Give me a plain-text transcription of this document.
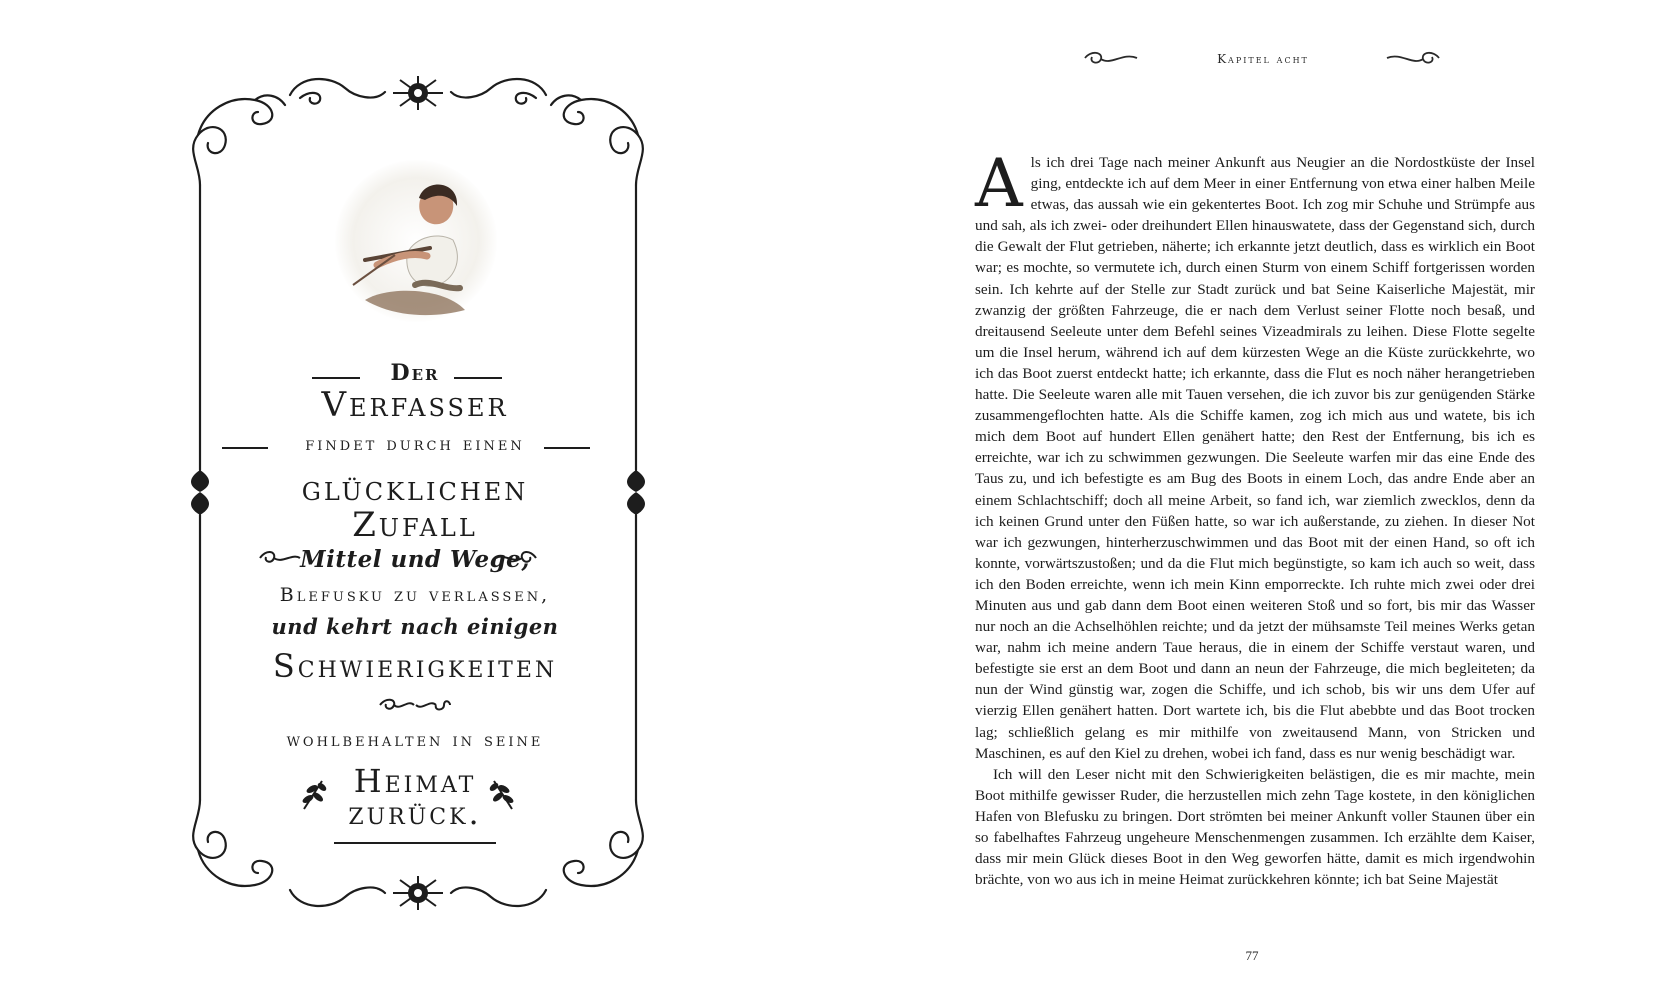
Der
Verfasser
findet durch einen
glücklichen
Zufall
Mittel und Wege,
Blefusku zu verlassen,
und kehrt nach einigen
Schwierigkeiten
wohlbehalten in seine
Heimat
zurück.
Kapitel acht

Als ich drei Tage nach meiner Ankunft aus Neugier an die Nordostküste der Insel ging, entdeckte ich auf dem Meer in einer Entfernung von etwa einer halben Meile etwas, das aussah wie ein gekentertes Boot. Ich zog mir Schuhe und Strümpfe aus und sah, als ich zwei- oder dreihundert Ellen hinauswatete, dass der Gegenstand sich, durch die Gewalt der Flut getrieben, näherte; ich erkannte jetzt deutlich, dass es wirklich ein Boot war; es mochte, so vermutete ich, durch einen Sturm von einem Schiff fortgerissen worden sein. Ich kehrte auf der Stelle zur Stadt zurück und bat Seine Kaiserliche Majestät, mir zwanzig der größten Fahrzeuge, die er nach dem Verlust seiner Flotte noch besaß, und dreitausend Seeleute unter dem Befehl seines Vizeadmirals zu leihen. Diese Flotte segelte um die Insel herum, während ich auf dem kürzesten Wege an die Küste zurückkehrte, wo ich das Boot zuerst entdeckt hatte; ich erkannte, dass die Flut es noch näher herangetrieben hatte. Die Seeleute waren alle mit Tauen versehen, die ich zuvor bis zur genügenden Stärke zusammengeflochten hatte. Als die Schiffe kamen, zog ich mich aus und watete, bis ich mich dem Boot auf hundert Ellen genähert hatte; den Rest der Entfernung, bis ich es erreichte, war ich zu schwimmen gezwungen. Die Seeleute warfen mir das eine Ende des Taus zu, und ich befestigte es am Bug des Boots in einem Loch, das andre Ende aber an einem Schlachtschiff; doch all meine Arbeit, so fand ich, war ziemlich zwecklos, denn da ich keinen Grund unter den Füßen hatte, so war ich außerstande, zu ziehen. In dieser Not war ich gezwungen, hinterherzuschwimmen und das Boot mit der einen Hand, so oft ich konnte, vorwärtszustoßen; und da die Flut mich begünstigte, so kam ich auch so weit, dass ich den Boden erreichte, wenn ich mein Kinn emporreckte. Ich ruhte mich zwei oder drei Minuten aus und gab dann dem Boot einen weiteren Stoß und so fort, bis mir das Wasser nur noch an die Achselhöhlen reichte; und da jetzt der mühsamste Teil meines Werks getan war, nahm ich meine andern Taue heraus, die in einem der Schiffe verstaut waren, und befestigte sie erst an dem Boot und dann an neun der Fahrzeuge, die mich begleiteten; da nun der Wind günstig war, zogen die Schiffe, und ich schob, bis wir uns dem Ufer auf vierzig Ellen genähert hatten. Dort wartete ich, bis die Flut abebbte und das Boot trocken lag; schließlich gelang es mir mithilfe von zweitausend Mann, von Stricken und Maschinen, es auf den Kiel zu drehen, wobei ich fand, dass es nur wenig beschädigt war.

Ich will den Leser nicht mit den Schwierigkeiten belästigen, die es mir machte, mein Boot mithilfe gewisser Ruder, die herzustellen mich zehn Tage kostete, in den königlichen Hafen von Blefusku zu bringen. Dort strömten bei meiner Ankunft voller Staunen über ein so fabelhaftes Fahrzeug ungeheure Menschenmengen zusammen. Ich erzählte dem Kaiser, dass mir mein Glück dieses Boot in den Weg geworfen hätte, damit es mich irgendwohin brächte, von wo aus ich in meine Heimat zurückkehren könnte; ich bat Seine Majestät

77
